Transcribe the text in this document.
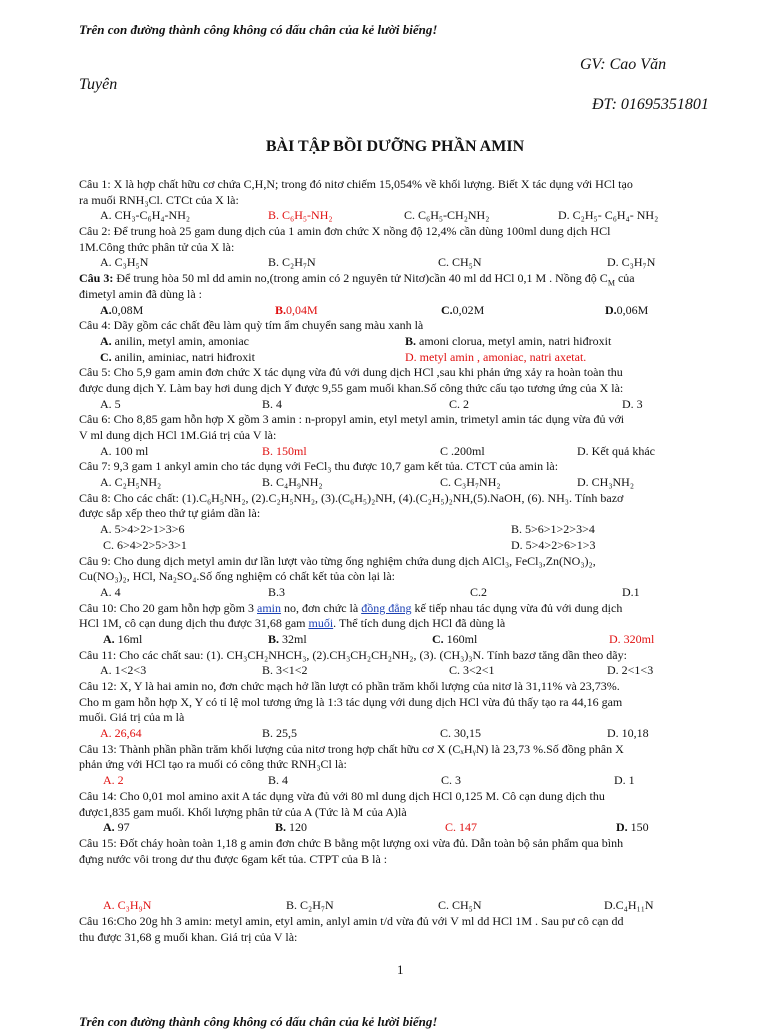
Trên con đường thành công không có dấu chân của kẻ lười biếng!
GV: Cao Văn
Tuyên
ĐT: 01695351801
BÀI TẬP BỒI DƯỠNG PHẦN AMIN
Câu 1: X là hợp chất hữu cơ chứa C,H,N; trong đó nitơ chiếm 15,054% về khối lượng. Biết X tác dụng với HCl tạo
ra muối RNH₃Cl. CTCt của X là:
A. CH₃-C₆H₄-NH₂	B. C₆H₅-NH₂	C. C₆H₅-CH₂NH₂	D. C₂H₅- C₆H₄- NH₂
Câu 2: Để trung hoà 25 gam dung dịch của 1 amin đơn chức X nồng độ 12,4% cần dùng 100ml dung dịch HCl
1M.Công thức phân tử của X là:
A. C₃H₅N	B. C₂H₇N	C. CH₅N	D. C₃H₇N
Câu 3: Để trung hòa 50 ml dd amin no,(trong amin có 2 nguyên tử Nitơ)cần 40 ml dd HCl 0,1 M . Nồng độ $C_M$ của
đimetyl amin đã dùng là :
A.0,08M	B.0,04M	C.0,02M	D.0,06M
Câu 4: Dãy gồm các chất đều làm quỳ tím ẩm chuyển sang màu xanh là
A. anilin, metyl amin, amoniac	B. amoni clorua, metyl amin, natri hiđroxit
C. anilin, aminiac, natri hiđroxit	D. metyl amin , amoniac, natri axetat.
Câu 5: Cho 5,9 gam amin đơn chức X tác dụng vừa đủ với dung dịch HCl ,sau khi phản ứng xảy ra hoàn toàn thu
được dung dịch Y. Làm bay hơi dung dịch Y được 9,55 gam muối khan.Số công thức cấu tạo tương ứng của X là:
A. 5	B. 4	C. 2	D. 3
Câu 6: Cho 8,85 gam hỗn hợp X gồm 3 amin : n-propyl amin, etyl metyl amin, trimetyl amin tác dụng vừa đủ với
V ml dung dịch HCl 1M.Giá trị của V là:
A. 100 ml	B. 150ml	C .200ml	D. Kết quả khác
Câu 7: 9,3 gam 1 ankyl amin cho tác dụng với FeCl₃ thu được 10,7 gam kết tủa. CTCT của amin là:
A. C₂H₅NH₂	B. C₄H₉NH₂	C. C₃H₇NH₂	D. CH₃NH₂
Câu 8: Cho các chất: (1).C₆H₅NH₂, (2).C₂H₅NH₂, (3).(C₆H₅)₂NH, (4).(C₂H₅)₂NH,(5).NaOH, (6). NH₃. Tính bazơ
được sắp xếp theo thứ tự giảm dần là:
A. 5>4>2>1>3>6	B. 5>6>1>2>3>4
C. 6>4>2>5>3>1	D. 5>4>2>6>1>3
Câu 9: Cho dung dịch metyl amin dư lần lượt vào từng ống nghiệm chứa dung dịch AlCl₃, FeCl₃,Zn(NO₃)₂,
Cu(NO₃)₂, HCl, Na₂SO₄.Số ống nghiệm có chất kết tủa còn lại là:
A. 4	B.3	C.2	D.1
Câu 10: Cho 20 gam hỗn hợp gồm 3 amin no, đơn chức là đồng đẳng kế tiếp nhau tác dụng vừa đủ với dung dịch
HCl 1M, cô cạn dung dịch thu được 31,68 gam muối. Thể tích dung dịch HCl đã dùng là
A. 16ml	B. 32ml	C. 160ml	D. 320ml
Câu 11: Cho các chất sau: (1). CH₃CH₂NHCH₃, (2).CH₃CH₂CH₂NH₂, (3). (CH₃)₃N. Tính bazơ tăng dần theo dãy:
A. 1<2<3	B. 3<1<2	C. 3<2<1	D. 2<1<3
Câu 12: X, Y là hai amin no, đơn chức mạch hở lần lượt có phần trăm khối lượng của nitơ là 31,11% và 23,73%.
Cho m gam hỗn hợp X, Y có tỉ lệ mol tương ứng là 1:3 tác dụng với dung dịch HCl vừa đủ thấy tạo ra 44,16 gam
muối. Giá trị của m là
A. 26,64	B. 25,5	C. 30,15	D. 10,18
Câu 13: Thành phần phần trăm khối lượng của nitơ trong hợp chất hữu cơ X (CₓHᵧN) là 23,73 %.Số đồng phân X
phản ứng với HCl tạo ra muối có công thức RNH₃Cl là:
A. 2	B. 4	C. 3	D. 1
Câu 14: Cho 0,01 mol amino axit A tác dụng vừa đủ với 80 ml dung dịch HCl 0,125 M. Cô cạn dung dịch thu
được1,835 gam muối. Khối lượng phân tử của A (Tức là M của A)là
A. 97	B. 120	C. 147	D. 150
Câu 15: Đốt cháy hoàn toàn 1,18 g amin đơn chức B bằng một lượng oxi vừa đủ. Dẫn toàn bộ sản phẩm qua bình
đựng nước vôi trong dư thu được 6gam kết tủa. CTPT của B là :
A. C₃H₉N	B. C₂H₇N	C. CH₅N	D.C₄H₁₁N
Câu 16:Cho 20g hh 3 amin: metyl amin, etyl amin, anlyl amin t/d vừa đủ với V ml dd HCl 1M . Sau pư cô cạn dd
thu được 31,68 g muối khan. Giá trị của V là:
1
Trên con đường thành công không có dấu chân của kẻ lười biếng!
